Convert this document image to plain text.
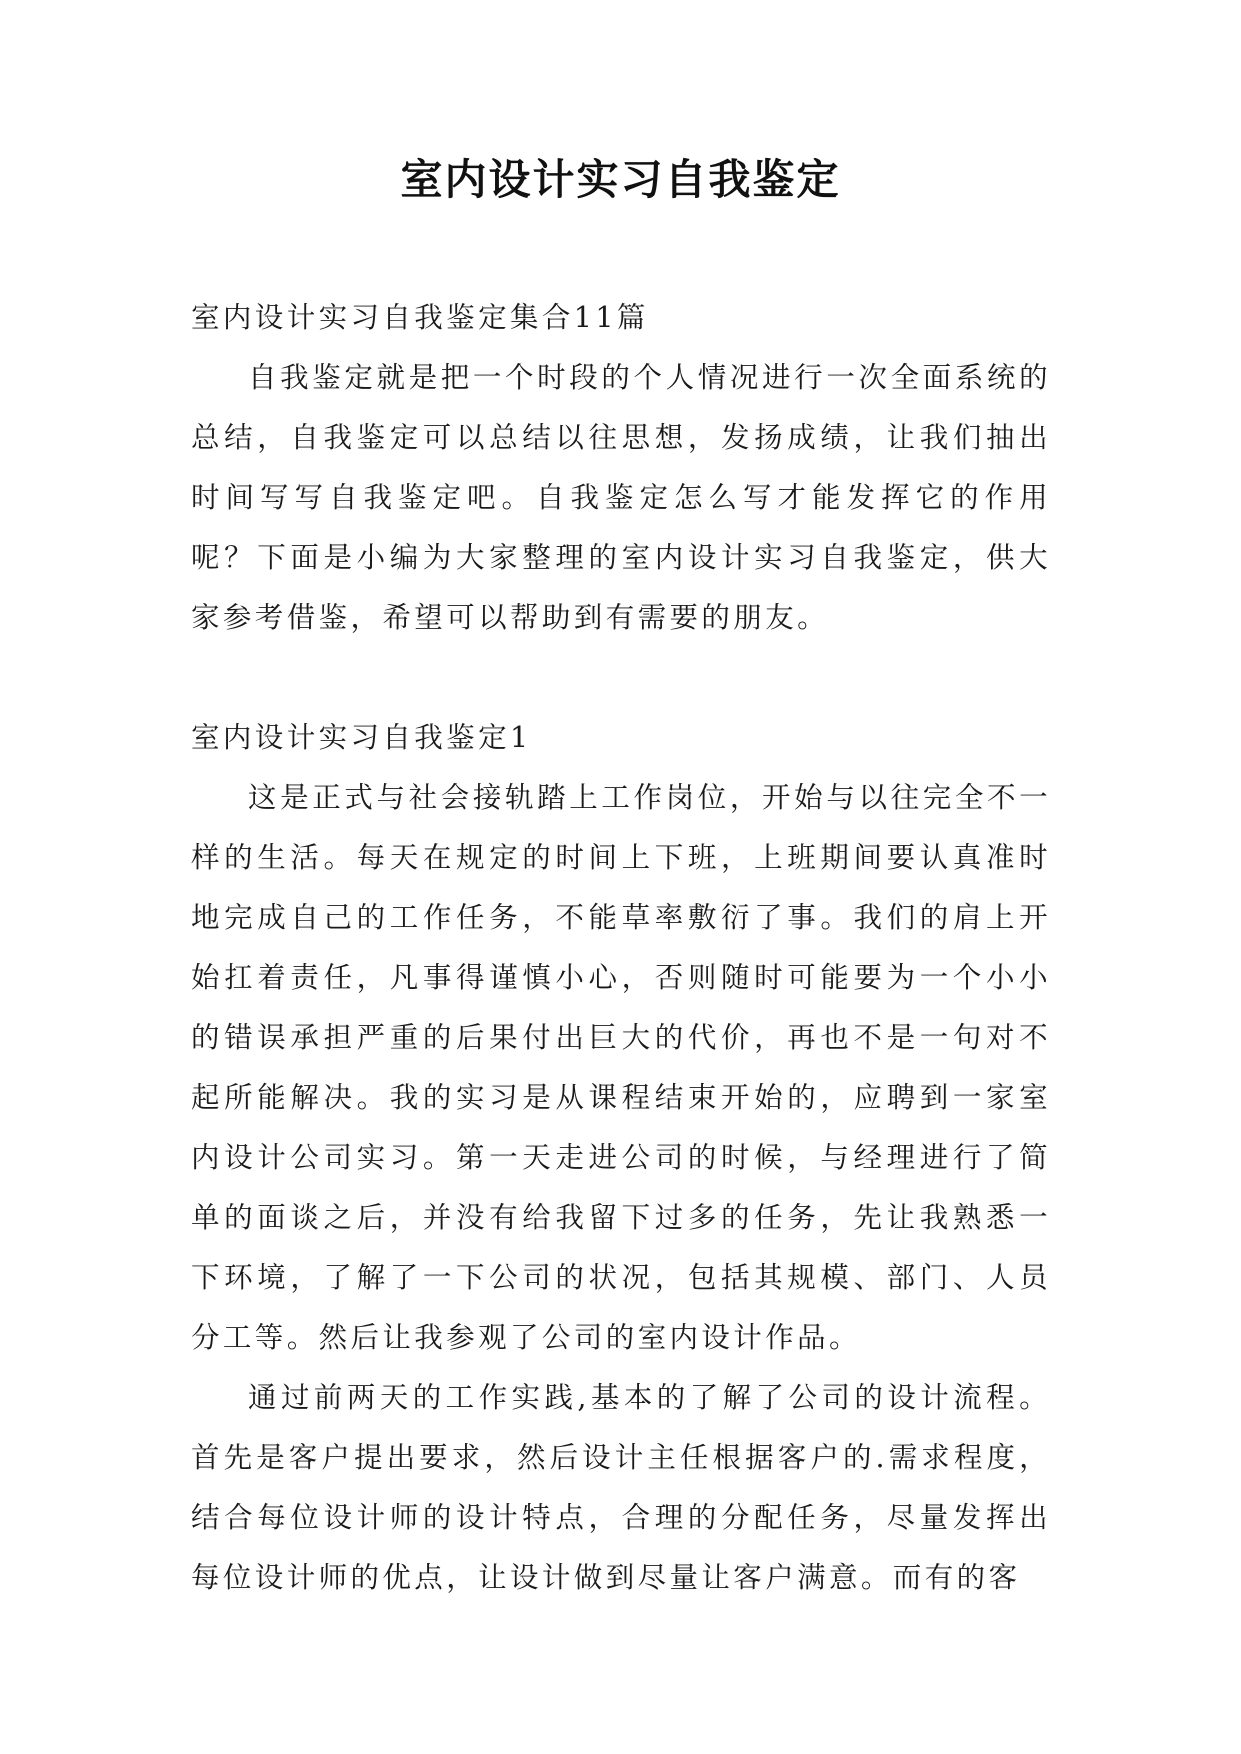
室内设计实习自我鉴定

室内设计实习自我鉴定集合11篇

自我鉴定就是把一个时段的个人情况进行一次全面系统的总结，自我鉴定可以总结以往思想，发扬成绩，让我们抽出时间写写自我鉴定吧。自我鉴定怎么写才能发挥它的作用呢？下面是小编为大家整理的室内设计实习自我鉴定，供大家参考借鉴，希望可以帮助到有需要的朋友。

室内设计实习自我鉴定1

这是正式与社会接轨踏上工作岗位，开始与以往完全不一样的生活。每天在规定的时间上下班，上班期间要认真准时地完成自己的工作任务，不能草率敷衍了事。我们的肩上开始扛着责任，凡事得谨慎小心，否则随时可能要为一个小小的错误承担严重的后果付出巨大的代价，再也不是一句对不起所能解决。我的实习是从课程结束开始的，应聘到一家室内设计公司实习。第一天走进公司的时候，与经理进行了简单的面谈之后，并没有给我留下过多的任务，先让我熟悉一下环境，了解了一下公司的状况，包括其规模、部门、人员分工等。然后让我参观了公司的室内设计作品。

通过前两天的工作实践,基本的了解了公司的设计流程。首先是客户提出要求，然后设计主任根据客户的.需求程度，结合每位设计师的设计特点，合理的分配任务，尽量发挥出每位设计师的优点，让设计做到尽量让客户满意。而有的客
